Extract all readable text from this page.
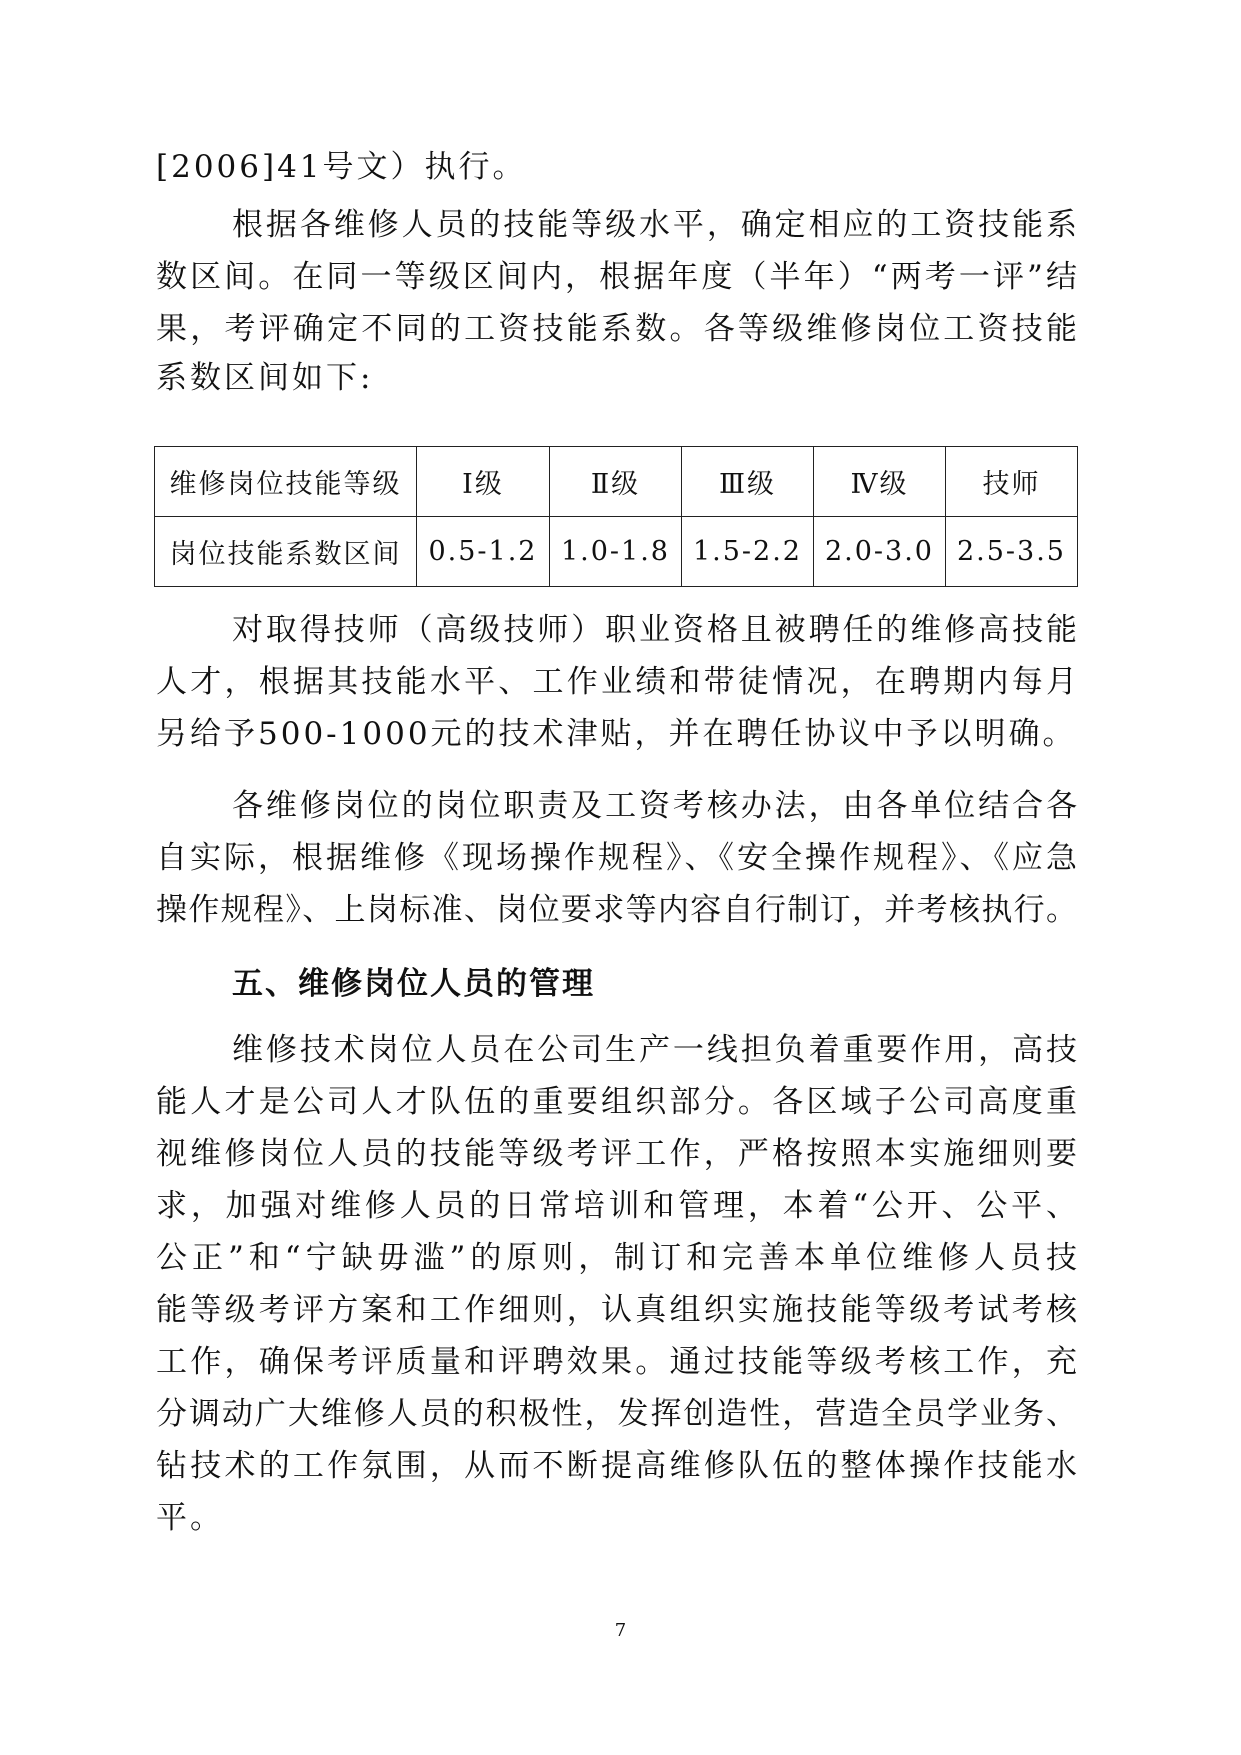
[2006]41号文）执行。
根据各维修人员的技能等级水平，确定相应的工资技能系
数区间。在同一等级区间内，根据年度（半年）“两考一评”结
果，考评确定不同的工资技能系数。各等级维修岗位工资技能
系数区间如下:
维修岗位技能等级	Ⅰ级	Ⅱ级	Ⅲ级	Ⅳ级	技师
岗位技能系数区间	0.5-1.2	1.0-1.8	1.5-2.2	2.0-3.0	2.5-3.5
对取得技师（高级技师）职业资格且被聘任的维修高技能
人才，根据其技能水平、工作业绩和带徒情况，在聘期内每月
另给予500-1000元的技术津贴，并在聘任协议中予以明确。
各维修岗位的岗位职责及工资考核办法，由各单位结合各
自实际，根据维修《现场操作规程》、《安全操作规程》、《应急
操作规程》、上岗标准、岗位要求等内容自行制订，并考核执行。
五、维修岗位人员的管理
维修技术岗位人员在公司生产一线担负着重要作用，高技
能人才是公司人才队伍的重要组织部分。各区域子公司高度重
视维修岗位人员的技能等级考评工作，严格按照本实施细则要
求，加强对维修人员的日常培训和管理，本着“公开、公平、
公正”和“宁缺毋滥”的原则，制订和完善本单位维修人员技
能等级考评方案和工作细则，认真组织实施技能等级考试考核
工作，确保考评质量和评聘效果。通过技能等级考核工作，充
分调动广大维修人员的积极性，发挥创造性，营造全员学业务、
钻技术的工作氛围，从而不断提高维修队伍的整体操作技能水
平。
7
